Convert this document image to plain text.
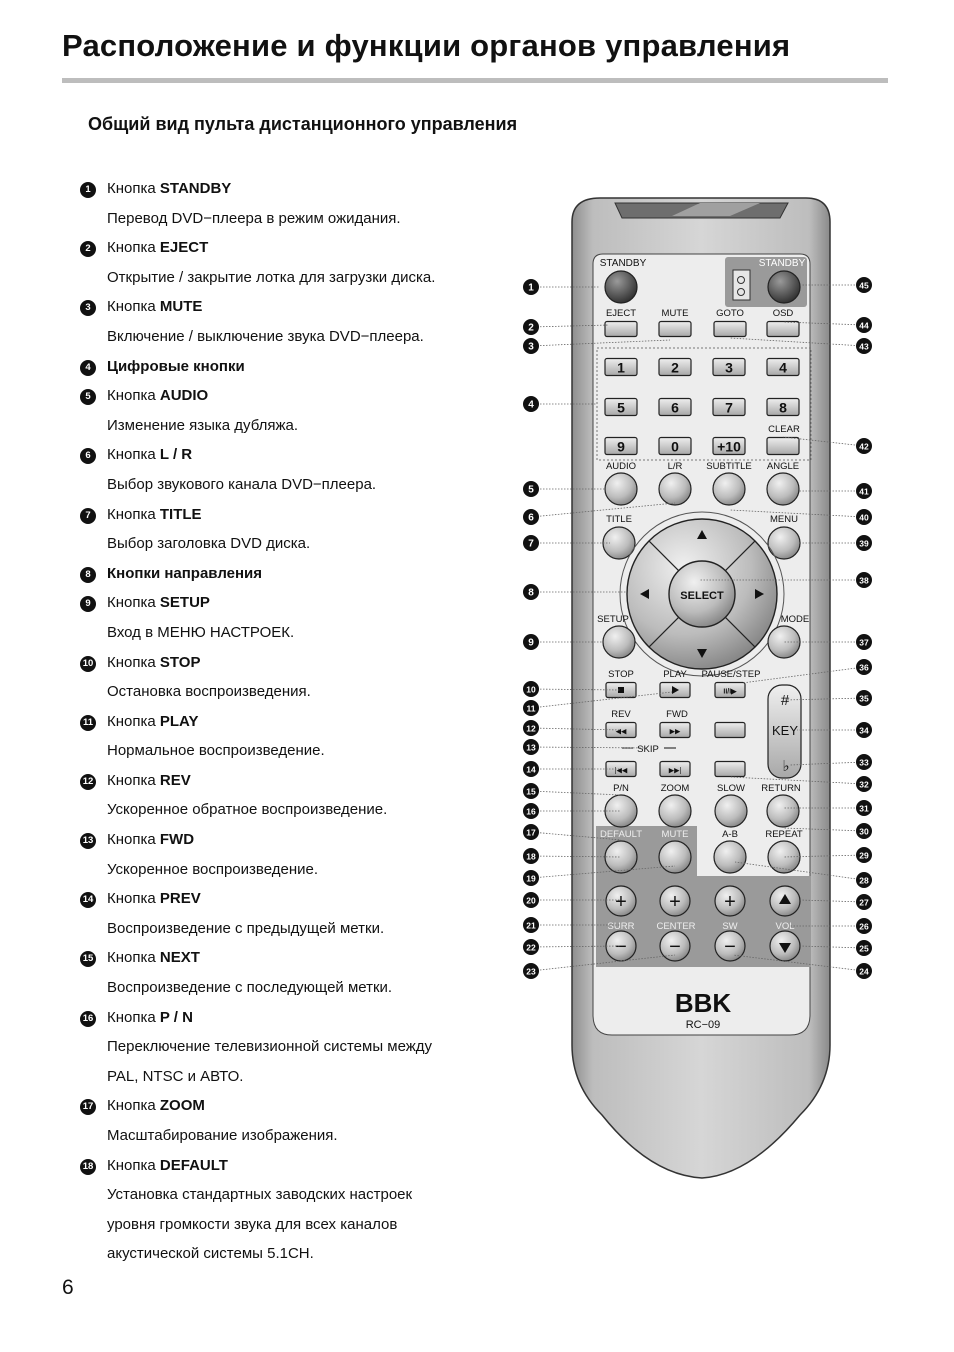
Расположение и функции органов управления
Общий вид пульта дистанционного управления
1	Кнопка STANDBY
Перевод DVD−плеера в режим ожидания.
2	Кнопка EJECT
Открытие / закрытие лотка для загрузки диска.
3	Кнопка MUTE
Включение / выключение звука DVD−плеера.
4	Цифровые кнопки
5	Кнопка AUDIO
Изменение языка дубляжа.
6	Кнопка L / R
Выбор звукового канала DVD−плеера.
7	Кнопка TITLE
Выбор заголовка DVD диска.
8	Кнопки направления
9	Кнопка SETUP
Вход в МЕНЮ НАСТРОЕК.
10 Кнопка STOP
Остановка воспроизведения.
11 Кнопка PLAY
Нормальное воспроизведение.
12 Кнопка REV
Ускоренное обратное воспроизведение.
13 Кнопка FWD
Ускоренное воспроизведение.
14 Кнопка PREV
Воспроизведение с предыдущей метки.
15 Кнопка NEXT
Воспроизведение с последующей метки.
16 Кнопка P / N
Переключение телевизионной системы между
PAL, NTSC и АВТО.
17 Кнопка ZOOM
Масштабирование изображения.
18 Кнопка DEFAULT
Установка стандартных заводских настроек
уровня громкости звука для всех каналов
акустической системы 5.1CH.
STANDBY	STANDBY
EJECT	MUTE	GOTO	OSD
1	2	3	4
5	6	7	8
9	0	+10
CLEAR
AUDIO	L/R	SUBTITLE ANGLE
TITLE	MENU
SELECT
SETUP	MODE
STOP	PLAY PAUSE/STEP
II/I▶
REV	FWD
◀◀	▶▶
SKIP
|◀◀	▶▶|
#
KEY
♭
P/N	ZOOM	SLOW RETURN
DEFAULT MUTE	A-B	REPEAT
+
−
+
−
+
−
SURR CENTER	SW	VOL
BBK
RC−09
1
2
3
4
5
6
7
8
9
10
11
12
13
14
15
16
17
18
19
20
21
22
23
45
44
43
42
41
40
39
38
37
36
35
34
33
32
31
30
29
28
27
26
25
24
6
